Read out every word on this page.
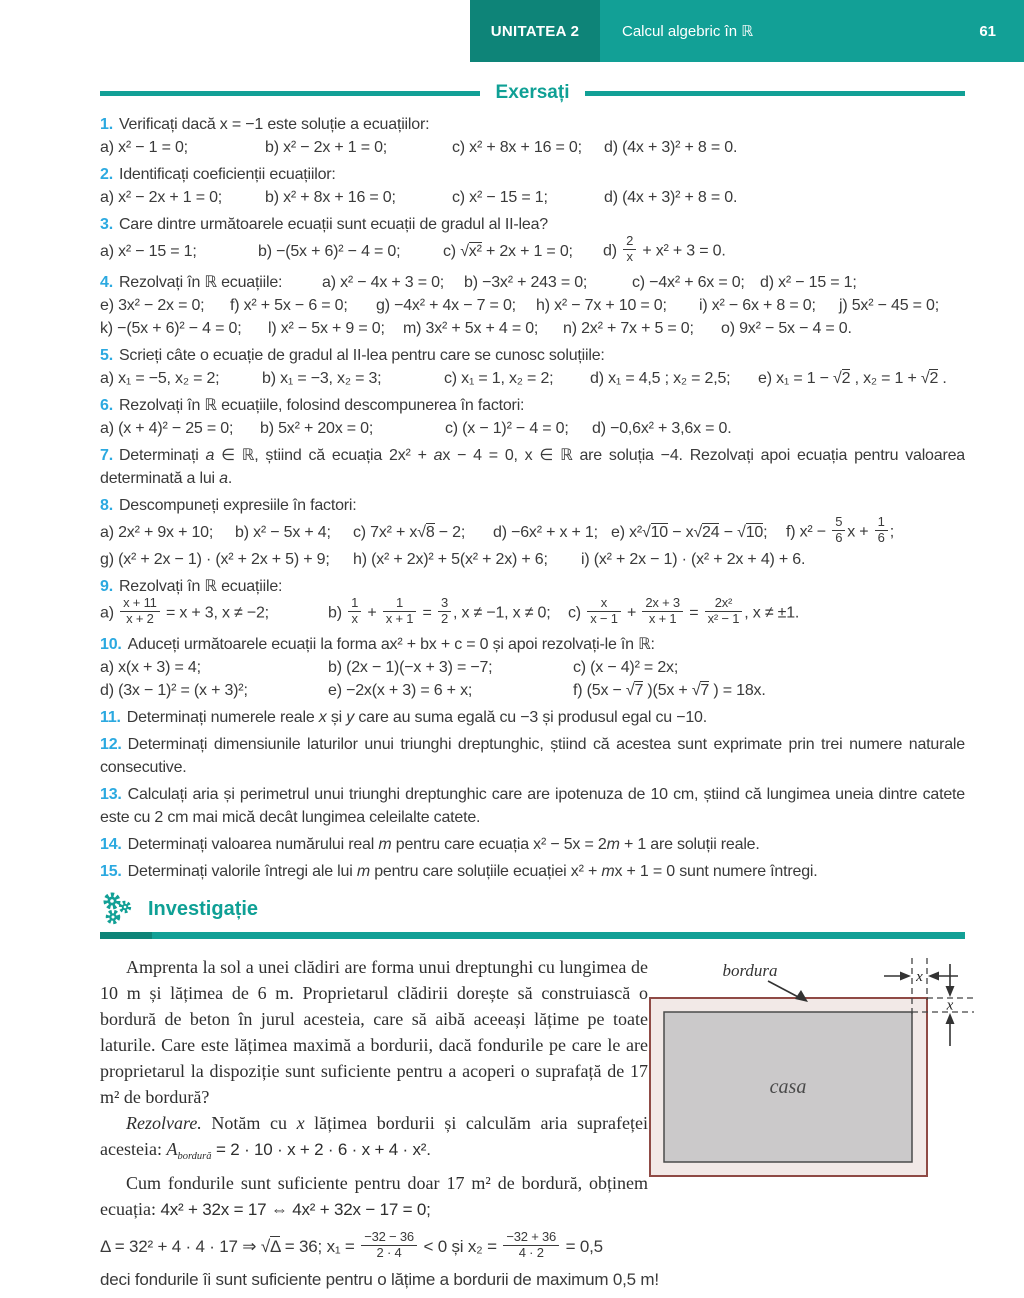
UNITATEA 2	Calcul algebric în ℝ	61
Exersați
1. Verificați dacă x = −1 este soluție a ecuațiilor:
a) x² − 1 = 0;	b) x² − 2x + 1 = 0;	c) x² + 8x + 16 = 0;	d) (4x + 3)² + 8 = 0.
2. Identificați coeficienții ecuațiilor:
a) x² − 2x + 1 = 0;	b) x² + 8x + 16 = 0;	c) x² − 15 = 1;	d) (4x + 3)² + 8 = 0.
3. Care dintre următoarele ecuații sunt ecuații de gradul al II-lea?
a) x² − 15 = 1;	b) −(5x + 6)² − 4 = 0;	c) √x² + 2x + 1 = 0;	$d) \frac{2}{x} + x^2 + 3 = 0$.
4. Rezolvați în ℝ ecuațiile:	a) x² − 4x + 3 = 0;	b) −3x² + 243 = 0;	c) −4x² + 6x = 0; d) x² − 15 = 1;
e) 3x² − 2x = 0;	f) x² + 5x − 6 = 0;	g) −4x² + 4x − 7 = 0;	h) x² − 7x + 10 = 0;	i) x² − 6x + 8 = 0;	j) 5x² − 45 = 0;
k) −(5x + 6)² − 4 = 0;	l) x² − 5x + 9 = 0;	m) 3x² + 5x + 4 = 0;	n) 2x² + 7x + 5 = 0;	o) 9x² − 5x − 4 = 0.
5. Scrieți câte o ecuație de gradul al II-lea pentru care se cunosc soluțiile:
a) x₁ = −5, x₂ = 2;	b) x₁ = −3, x₂ = 3;	c) x₁ = 1, x₂ = 2;	d) x₁ = 4,5 ; x₂ = 2,5;	e) x₁ = 1 − √2 , x₂ = 1 + √2 .
6. Rezolvați în ℝ ecuațiile, folosind descompunerea în factori:
a) (x + 4)² − 25 = 0;	b) 5x² + 20x = 0;	c) (x − 1)² − 4 = 0;	d) −0,6x² + 3,6x = 0.
7. Determinați a ∈ ℝ, știind că ecuația 2x² + ax − 4 = 0, x ∈ ℝ are soluția −4. Rezolvați apoi ecuația pentru valoarea determinată a lui a.
8. Descompuneți expresiile în factori:
a) 2x² + 9x + 10;	b) x² − 5x + 4;	c) 7x² + x√8 − 2;	d) −6x² + x + 1; e) x²√10 − x√24 − √10;	f) $x^2 - \frac{5}{6}$ $x + \frac{1}{6}$ ;
g) (x² + 2x − 1) · (x² + 2x + 5) + 9;	h) (x² + 2x)² + 5(x² + 2x) + 6;	i) (x² + 2x − 1) · (x² + 2x + 4) + 6.
9. Rezolvați în ℝ ecuațiile:
$a) \frac{x + 11}{x + 2} = x + 3$, x ≠ −2;	$b) \frac{1}{x} + \frac{1}{x + 1} = \frac{3}{2}$ , x ≠ −1, x ≠ 0;	$c) \frac{x}{x - 1} + \frac{2x + 3}{x + 1} = \frac{\text{2x²}}{\text{x² − 1}}$ , x ≠ ±1.
10. Aduceți următoarele ecuații la forma ax² + bx + c = 0 și apoi rezolvați-le în ℝ:
a) x(x + 3) = 4;	b) (2x − 1)(−x + 3) = −7;	c) (x − 4)² = 2x;
d) (3x − 1)² = (x + 3)²;	e) −2x(x + 3) = 6 + x;	f) (5x − √7 )(5x + √7 ) = 18x.
11. Determinați numerele reale x și y care au suma egală cu −3 și produsul egal cu −10.
12. Determinați dimensiunile laturilor unui triunghi dreptunghic, știind că acestea sunt exprimate prin trei numere naturale consecutive.
13. Calculați aria și perimetrul unui triunghi dreptunghic care are ipotenuza de 10 cm, știind că lungimea uneia dintre catete este cu 2 cm mai mică decât lungimea celeilalte catete.
14. Determinați valoarea numărului real m pentru care ecuația x² − 5x = 2m + 1 are soluții reale.
15. Determinați valorile întregi ale lui m pentru care soluțiile ecuației x² + mx + 1 = 0 sunt numere întregi.
Investigație
Amprenta la sol a unei clădiri are forma unui dreptunghi cu lungimea de 10 m și lățimea de 6 m. Proprietarul clădirii dorește să construiască o bordură de beton în jurul acesteia, care să aibă aceeași lățime pe toate laturile. Care este lățimea maximă a bordurii, dacă fondurile pe care le are proprietarul la dispoziție sunt suficiente pentru a acoperi o suprafață de 17 m² de bordură?
Rezolvare. Notăm cu x lățimea bordurii și calculăm aria suprafeței acesteia: $A_{bordură} = 2 \cdot 10 \cdot x + 2 \cdot 6 \cdot x + 4 \cdot x^2$.
Cum fondurile sunt suficiente pentru doar 17 m² de bordură, obținem ecuația: 4x² + 32x = 17 ⇔ 4x² + 32x − 17 = 0;
bordura	x
x
casa
Δ = 32² + 4 · 4 · 17 ⇒ √Δ = 36; $x_1 = \frac{-32 - 36}{2 \cdot 4} < 0$ și $x_2 = \frac{-32 + 36}{4 \cdot 2} = 0,5$
deci fondurile îi sunt suficiente pentru o lățime a bordurii de maximum 0,5 m!
